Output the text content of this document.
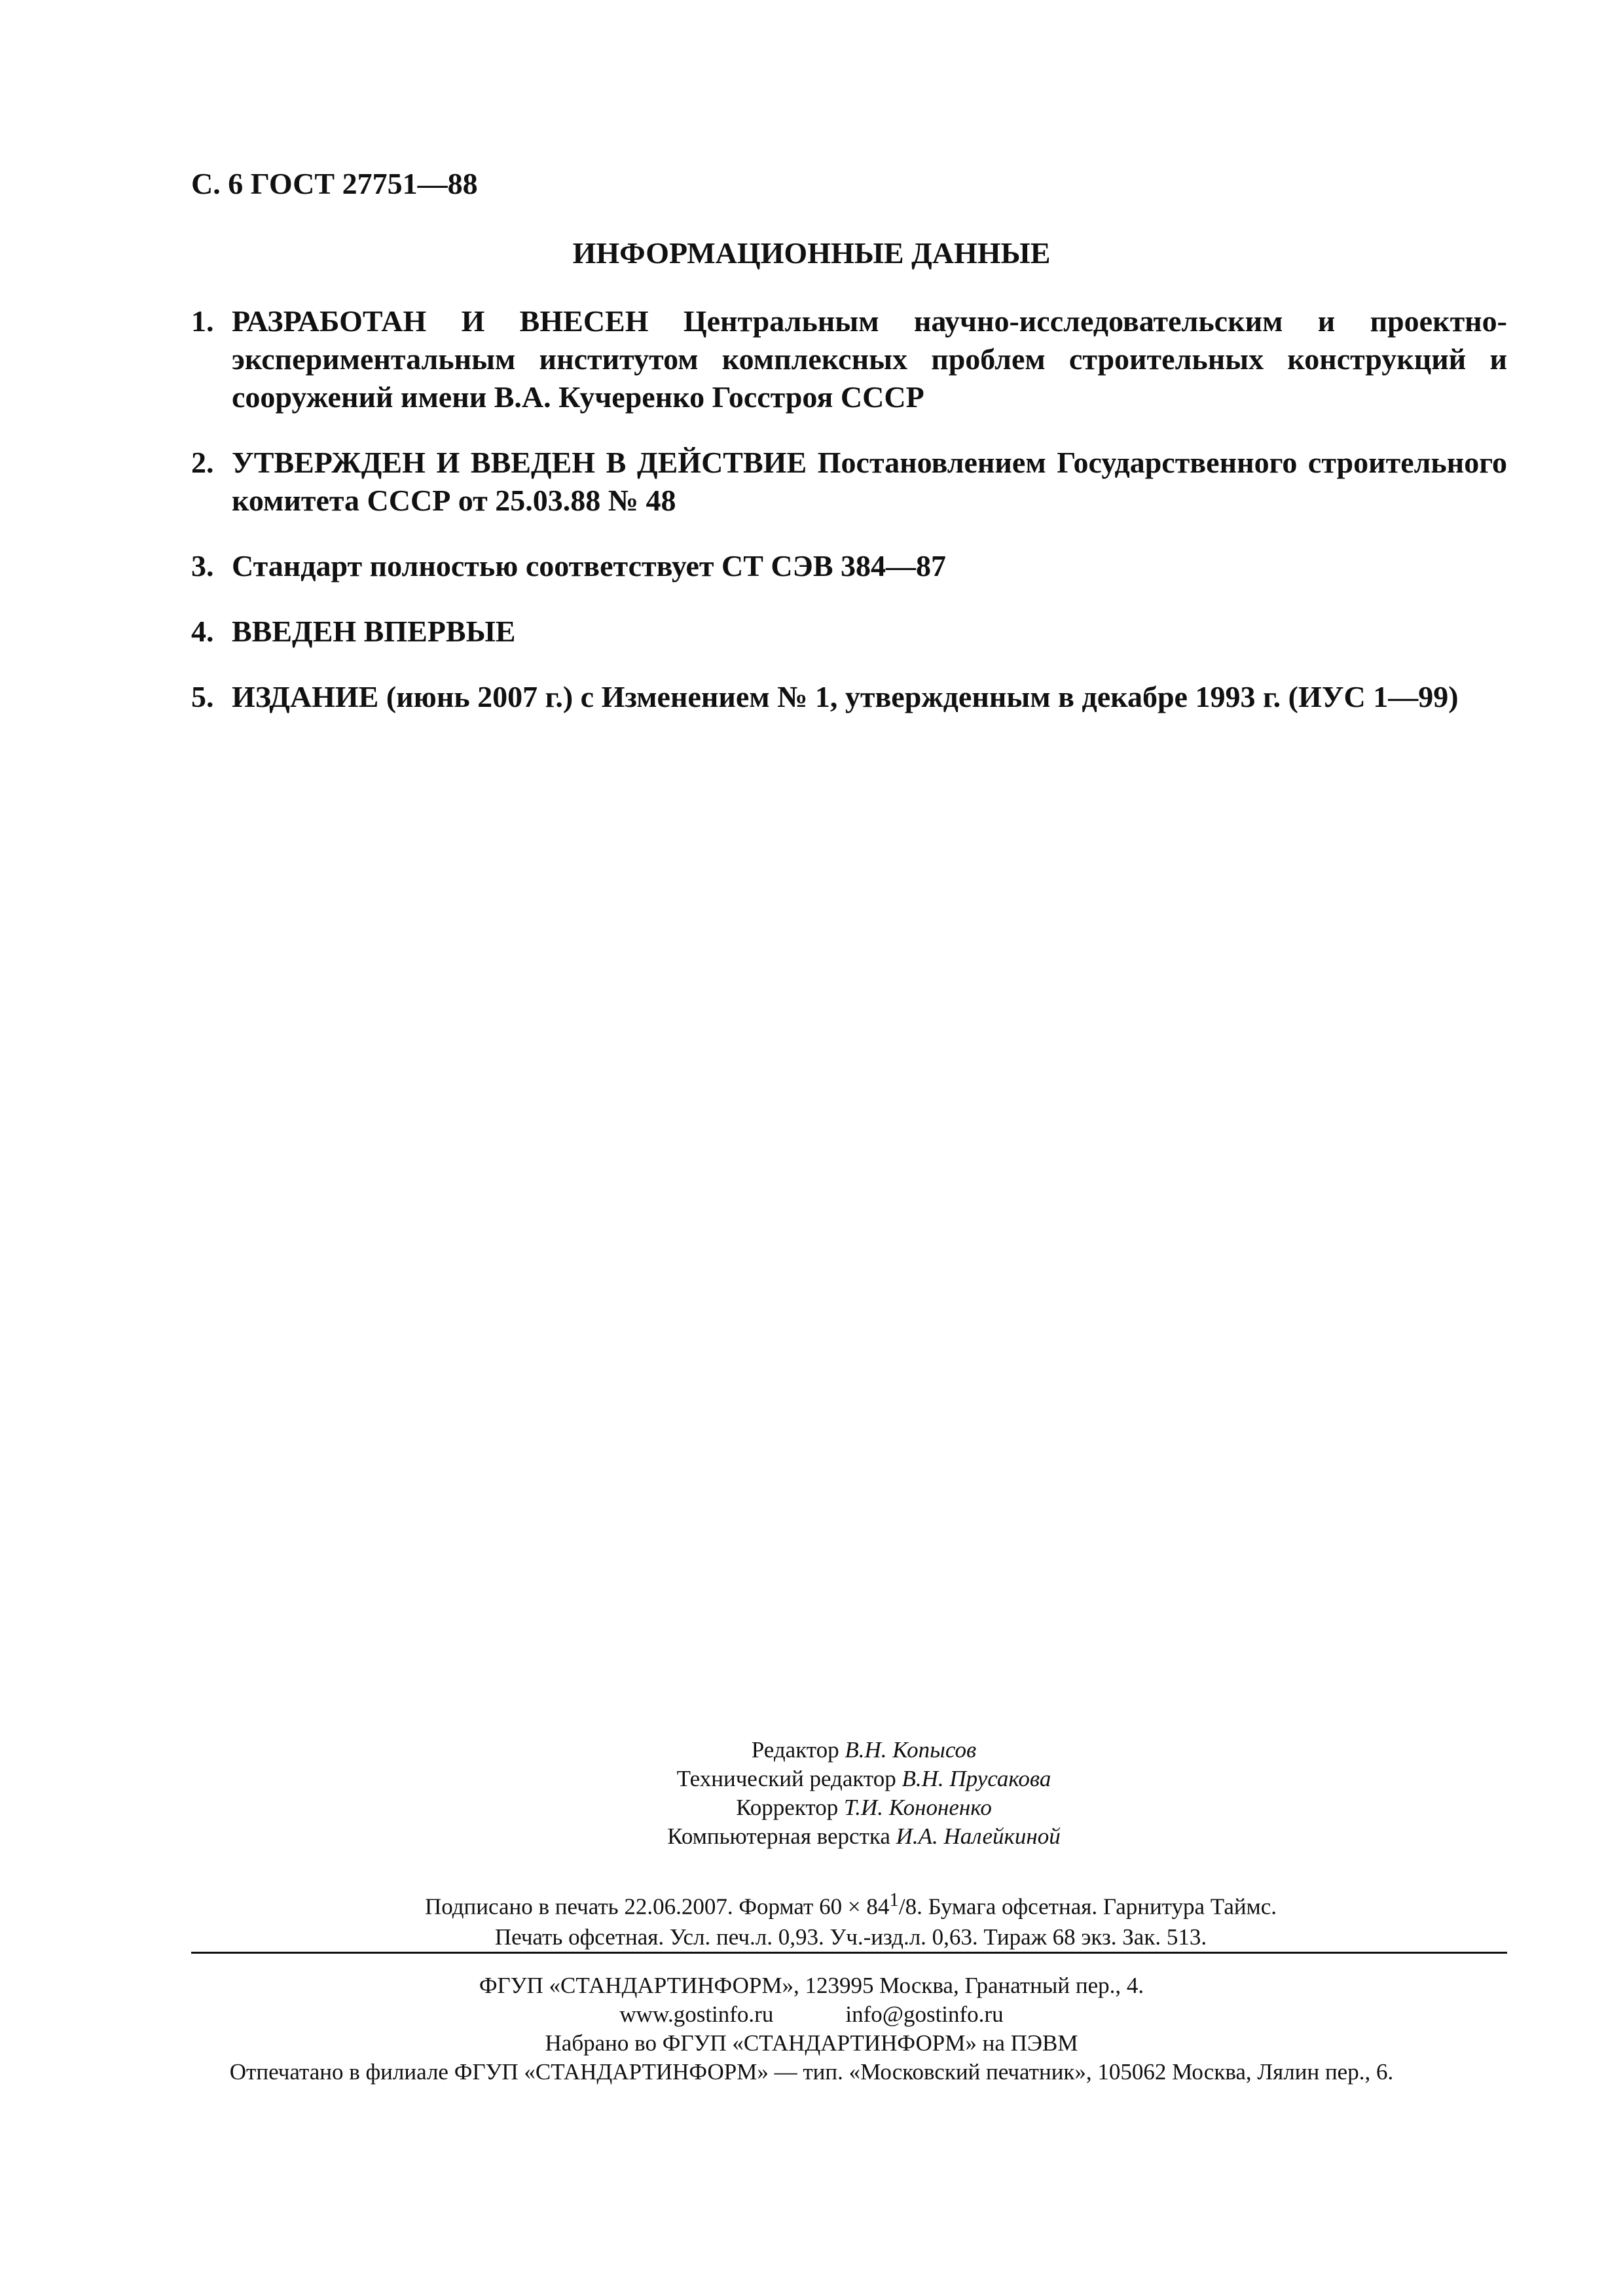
С. 6 ГОСТ 27751—88

ИНФОРМАЦИОННЫЕ ДАННЫЕ
1. РАЗРАБОТАН И ВНЕСЕН Центральным научно-исследовательским и проектно-экспериментальным институтом комплексных проблем строительных конструкций и сооружений имени В.А. Кучеренко Госстроя СССР
2. УТВЕРЖДЕН И ВВЕДЕН В ДЕЙСТВИЕ Постановлением Государственного строительного комитета СССР от 25.03.88 № 48
3. Стандарт полностью соответствует СТ СЭВ 384—87
4. ВВЕДЕН ВПЕРВЫЕ
5. ИЗДАНИЕ (июнь 2007 г.) с Изменением № 1, утвержденным в декабре 1993 г. (ИУС 1—99)
Редактор В.Н. Копысов
Технический редактор В.Н. Прусакова
Корректор Т.И. Кононенко
Компьютерная верстка И.А. Налейкиной
Подписано в печать 22.06.2007. Формат $60 \times 84^1/8$. Бумага офсетная. Гарнитура Таймс.
Печать офсетная. Усл. печ.л. 0,93. Уч.-изд.л. 0,63. Тираж 68 экз. Зак. 513.
ФГУП «СТАНДАРТИНФОРМ», 123995 Москва, Гранатный пер., 4.
www.gostinfo.ru	info@gostinfo.ru
Набрано во ФГУП «СТАНДАРТИНФОРМ» на ПЭВМ
Отпечатано в филиале ФГУП «СТАНДАРТИНФОРМ» — тип. «Московский печатник», 105062 Москва, Лялин пер., 6.
